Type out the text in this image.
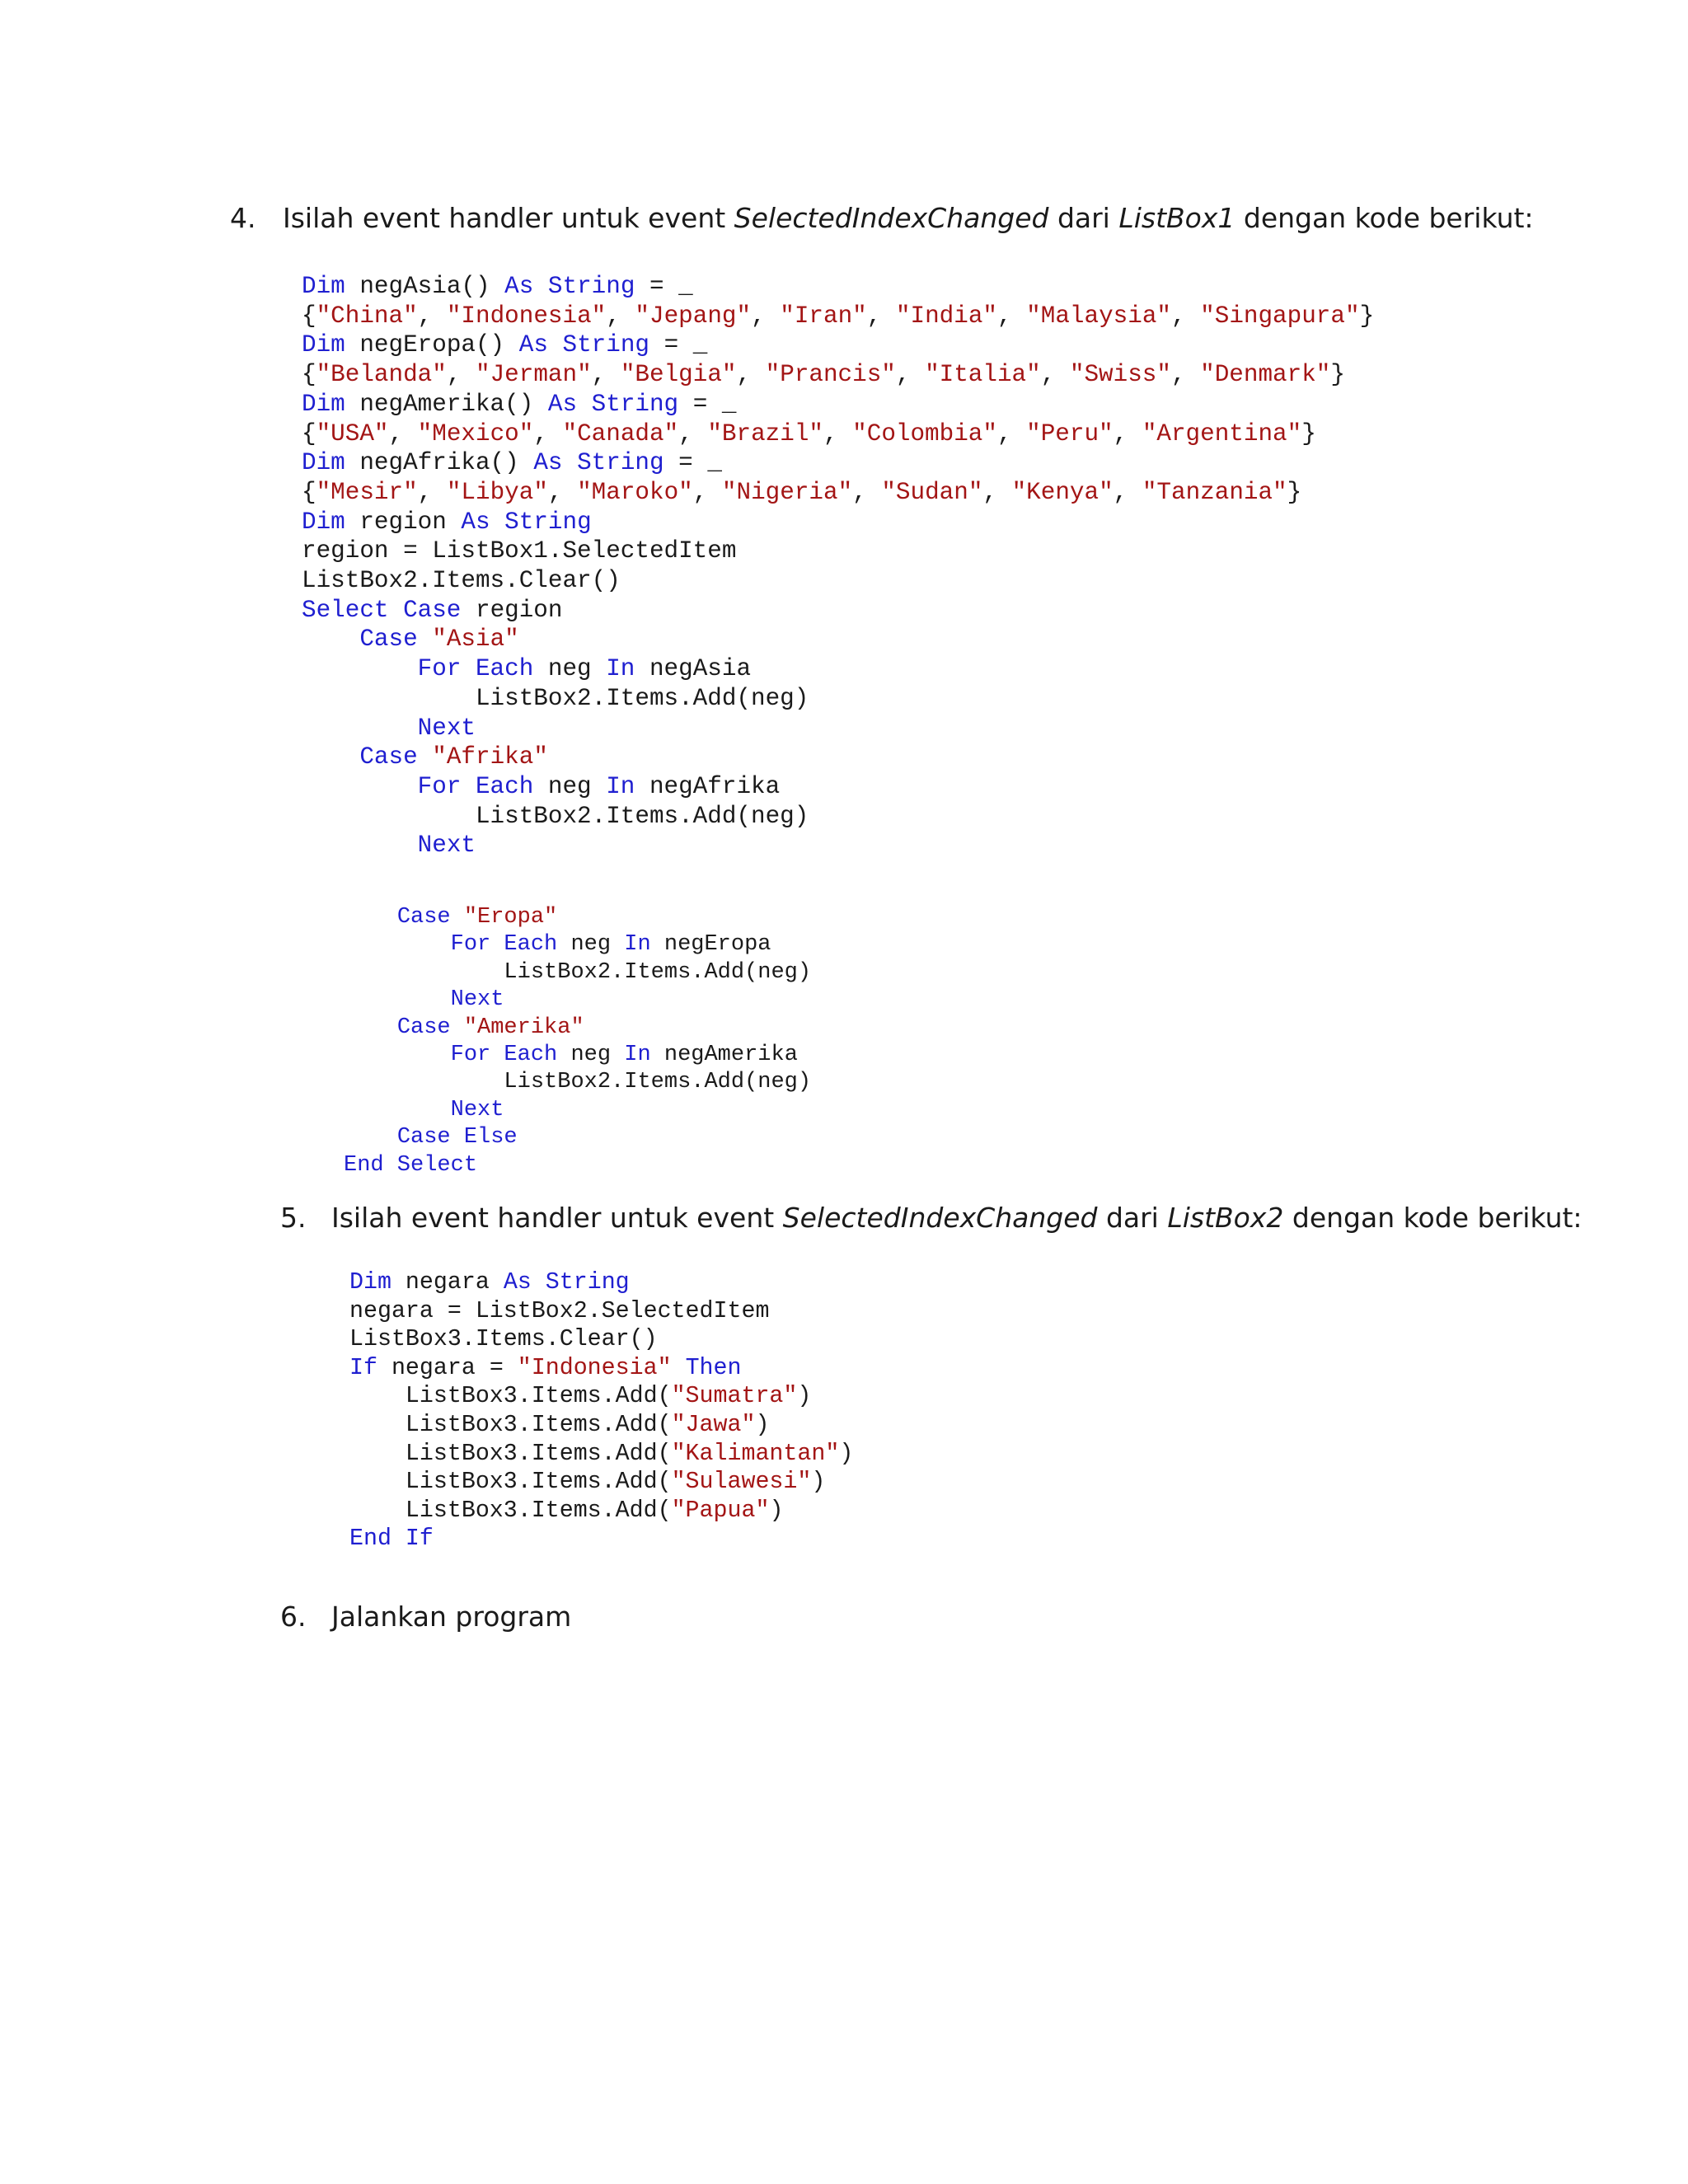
4. Isilah event handler untuk event SelectedIndexChanged dari ListBox1 dengan kode berikut:
Dim negAsia() As String = _
{"China", "Indonesia", "Jepang", "Iran", "India", "Malaysia", "Singapura"}
Dim negEropa() As String = _
{"Belanda", "Jerman", "Belgia", "Prancis", "Italia", "Swiss", "Denmark"}
Dim negAmerika() As String = _
{"USA", "Mexico", "Canada", "Brazil", "Colombia", "Peru", "Argentina"}
Dim negAfrika() As String = _
{"Mesir", "Libya", "Maroko", "Nigeria", "Sudan", "Kenya", "Tanzania"}
Dim region As String
region = ListBox1.SelectedItem
ListBox2.Items.Clear()
Select Case region
Case "Asia"
For Each neg In negAsia
ListBox2.Items.Add(neg)
Next
Case "Afrika"
For Each neg In negAfrika
ListBox2.Items.Add(neg)
Next
Case "Eropa"
For Each neg In negEropa
ListBox2.Items.Add(neg)
Next
Case "Amerika"
For Each neg In negAmerika
ListBox2.Items.Add(neg)
Next
Case Else
End Select
5. Isilah event handler untuk event SelectedIndexChanged dari ListBox2 dengan kode berikut:
Dim negara As String
negara = ListBox2.SelectedItem
ListBox3.Items.Clear()
If negara = "Indonesia" Then
ListBox3.Items.Add("Sumatra")
ListBox3.Items.Add("Jawa")
ListBox3.Items.Add("Kalimantan")
ListBox3.Items.Add("Sulawesi")
ListBox3.Items.Add("Papua")
End If
6. Jalankan program
